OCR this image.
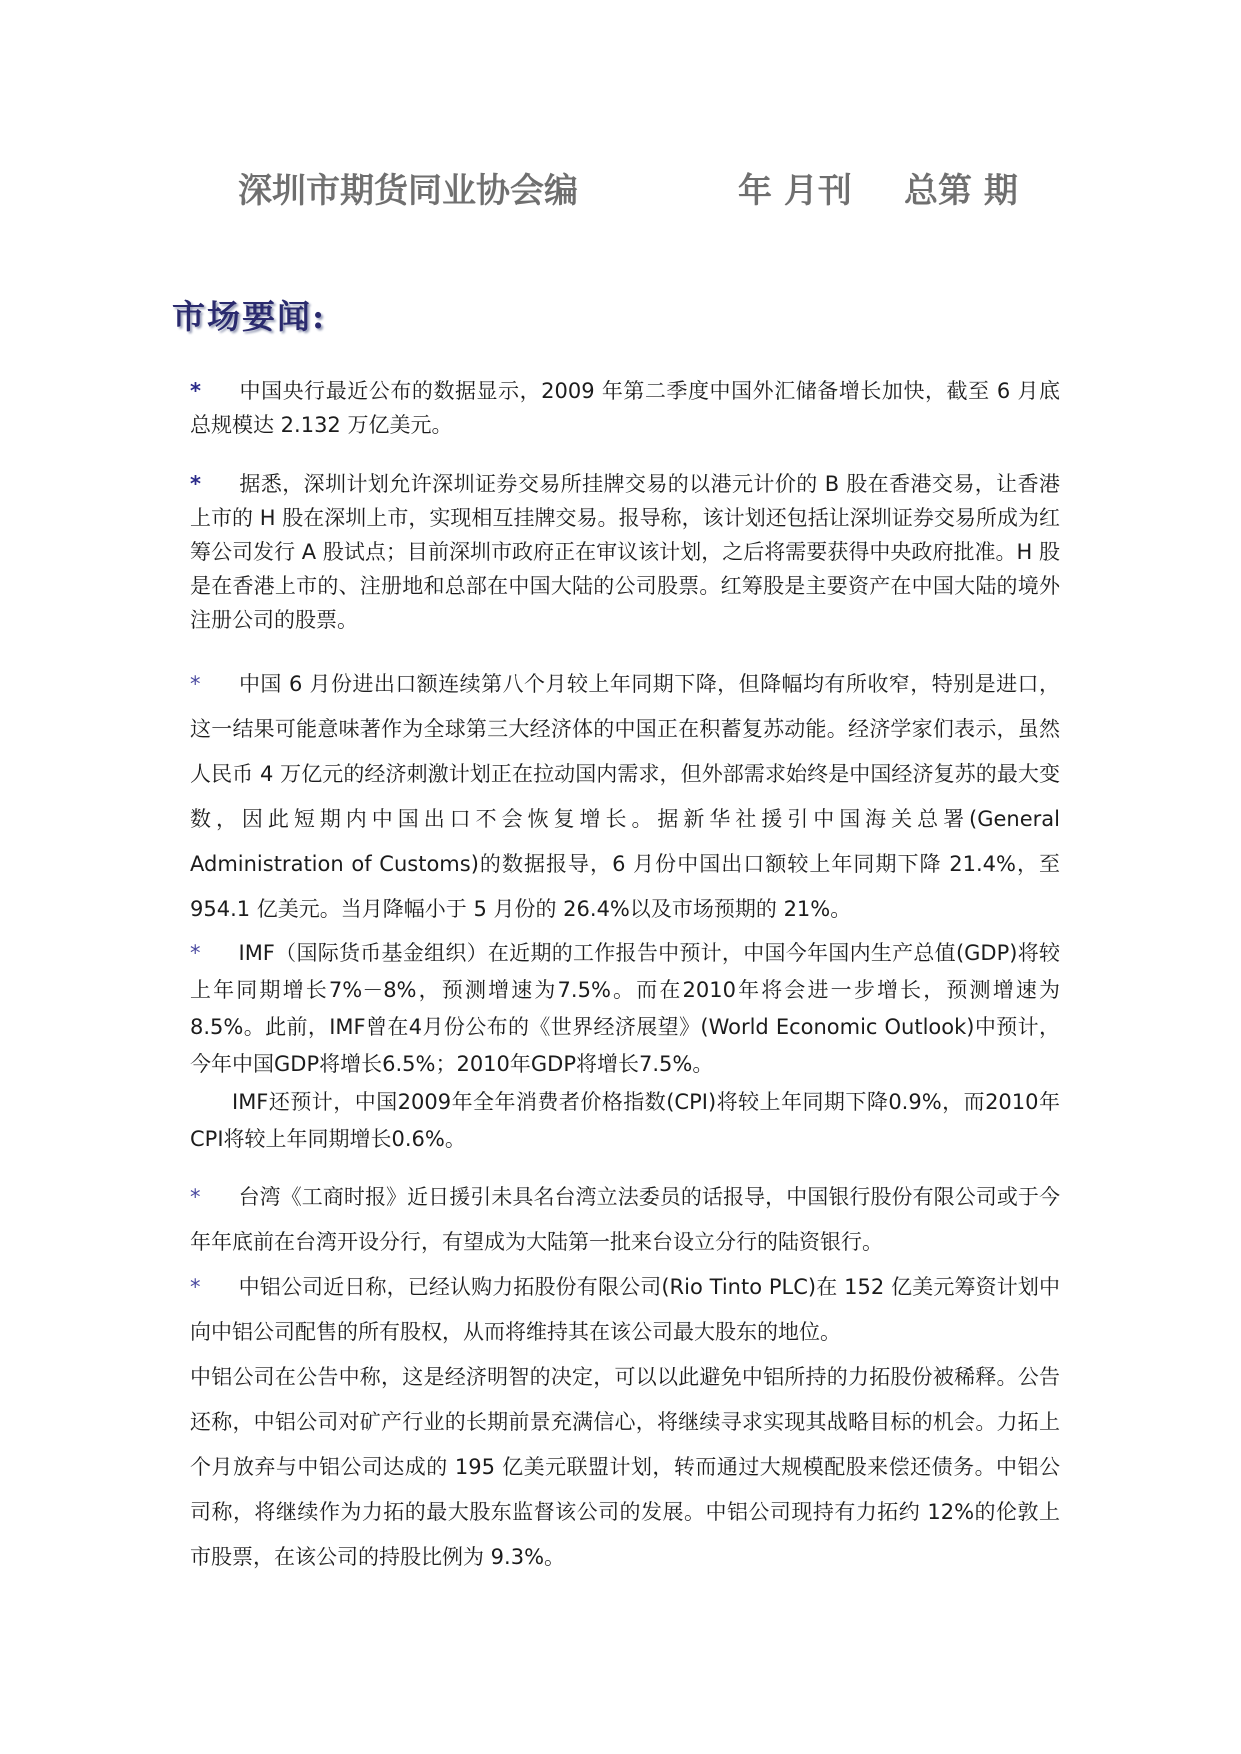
深圳市期货同业协会编	年 月刊 总第 期
市场要闻:

* 中国央行最近公布的数据显示，2009 年第二季度中国外汇储备增长加快，截至 6 月底总规模达 2.132 万亿美元。

* 据悉，深圳计划允许深圳证券交易所挂牌交易的以港元计价的 B 股在香港交易，让香港上市的 H 股在深圳上市，实现相互挂牌交易。报导称，该计划还包括让深圳证券交易所成为红筹公司发行 A 股试点；目前深圳市政府正在审议该计划，之后将需要获得中央政府批准。H 股是在香港上市的、注册地和总部在中国大陆的公司股票。红筹股是主要资产在中国大陆的境外注册公司的股票。

* 中国 6 月份进出口额连续第八个月较上年同期下降，但降幅均有所收窄，特别是进口，这一结果可能意味著作为全球第三大经济体的中国正在积蓄复苏动能。经济学家们表示，虽然人民币 4 万亿元的经济刺激计划正在拉动国内需求，但外部需求始终是中国经济复苏的最大变数，因此短期内中国出口不会恢复增长。据新华社援引中国海关总署(General Administration of Customs)的数据报导，6 月份中国出口额较上年同期下降 21.4%，至 954.1 亿美元。当月降幅小于 5 月份的 26.4%以及市场预期的 21%。

* IMF（国际货币基金组织）在近期的工作报告中预计，中国今年国内生产总值(GDP)将较上年同期增长7%－8%，预测增速为7.5%。而在2010年将会进一步增长，预测增速为8.5%。此前，IMF曾在4月份公布的《世界经济展望》(World Economic Outlook)中预计，今年中国GDP将增长6.5%；2010年GDP将增长7.5%。

IMF还预计，中国2009年全年消费者价格指数(CPI)将较上年同期下降0.9%，而2010年CPI将较上年同期增长0.6%。

* 台湾《工商时报》近日援引未具名台湾立法委员的话报导，中国银行股份有限公司或于今年年底前在台湾开设分行，有望成为大陆第一批来台设立分行的陆资银行。

* 中铝公司近日称，已经认购力拓股份有限公司(Rio Tinto PLC)在 152 亿美元筹资计划中向中铝公司配售的所有股权，从而将维持其在该公司最大股东的地位。

中铝公司在公告中称，这是经济明智的决定，可以以此避免中铝所持的力拓股份被稀释。公告还称，中铝公司对矿产行业的长期前景充满信心，将继续寻求实现其战略目标的机会。力拓上个月放弃与中铝公司达成的 195 亿美元联盟计划，转而通过大规模配股来偿还债务。中铝公司称，将继续作为力拓的最大股东监督该公司的发展。中铝公司现持有力拓约 12%的伦敦上市股票，在该公司的持股比例为 9.3%。
